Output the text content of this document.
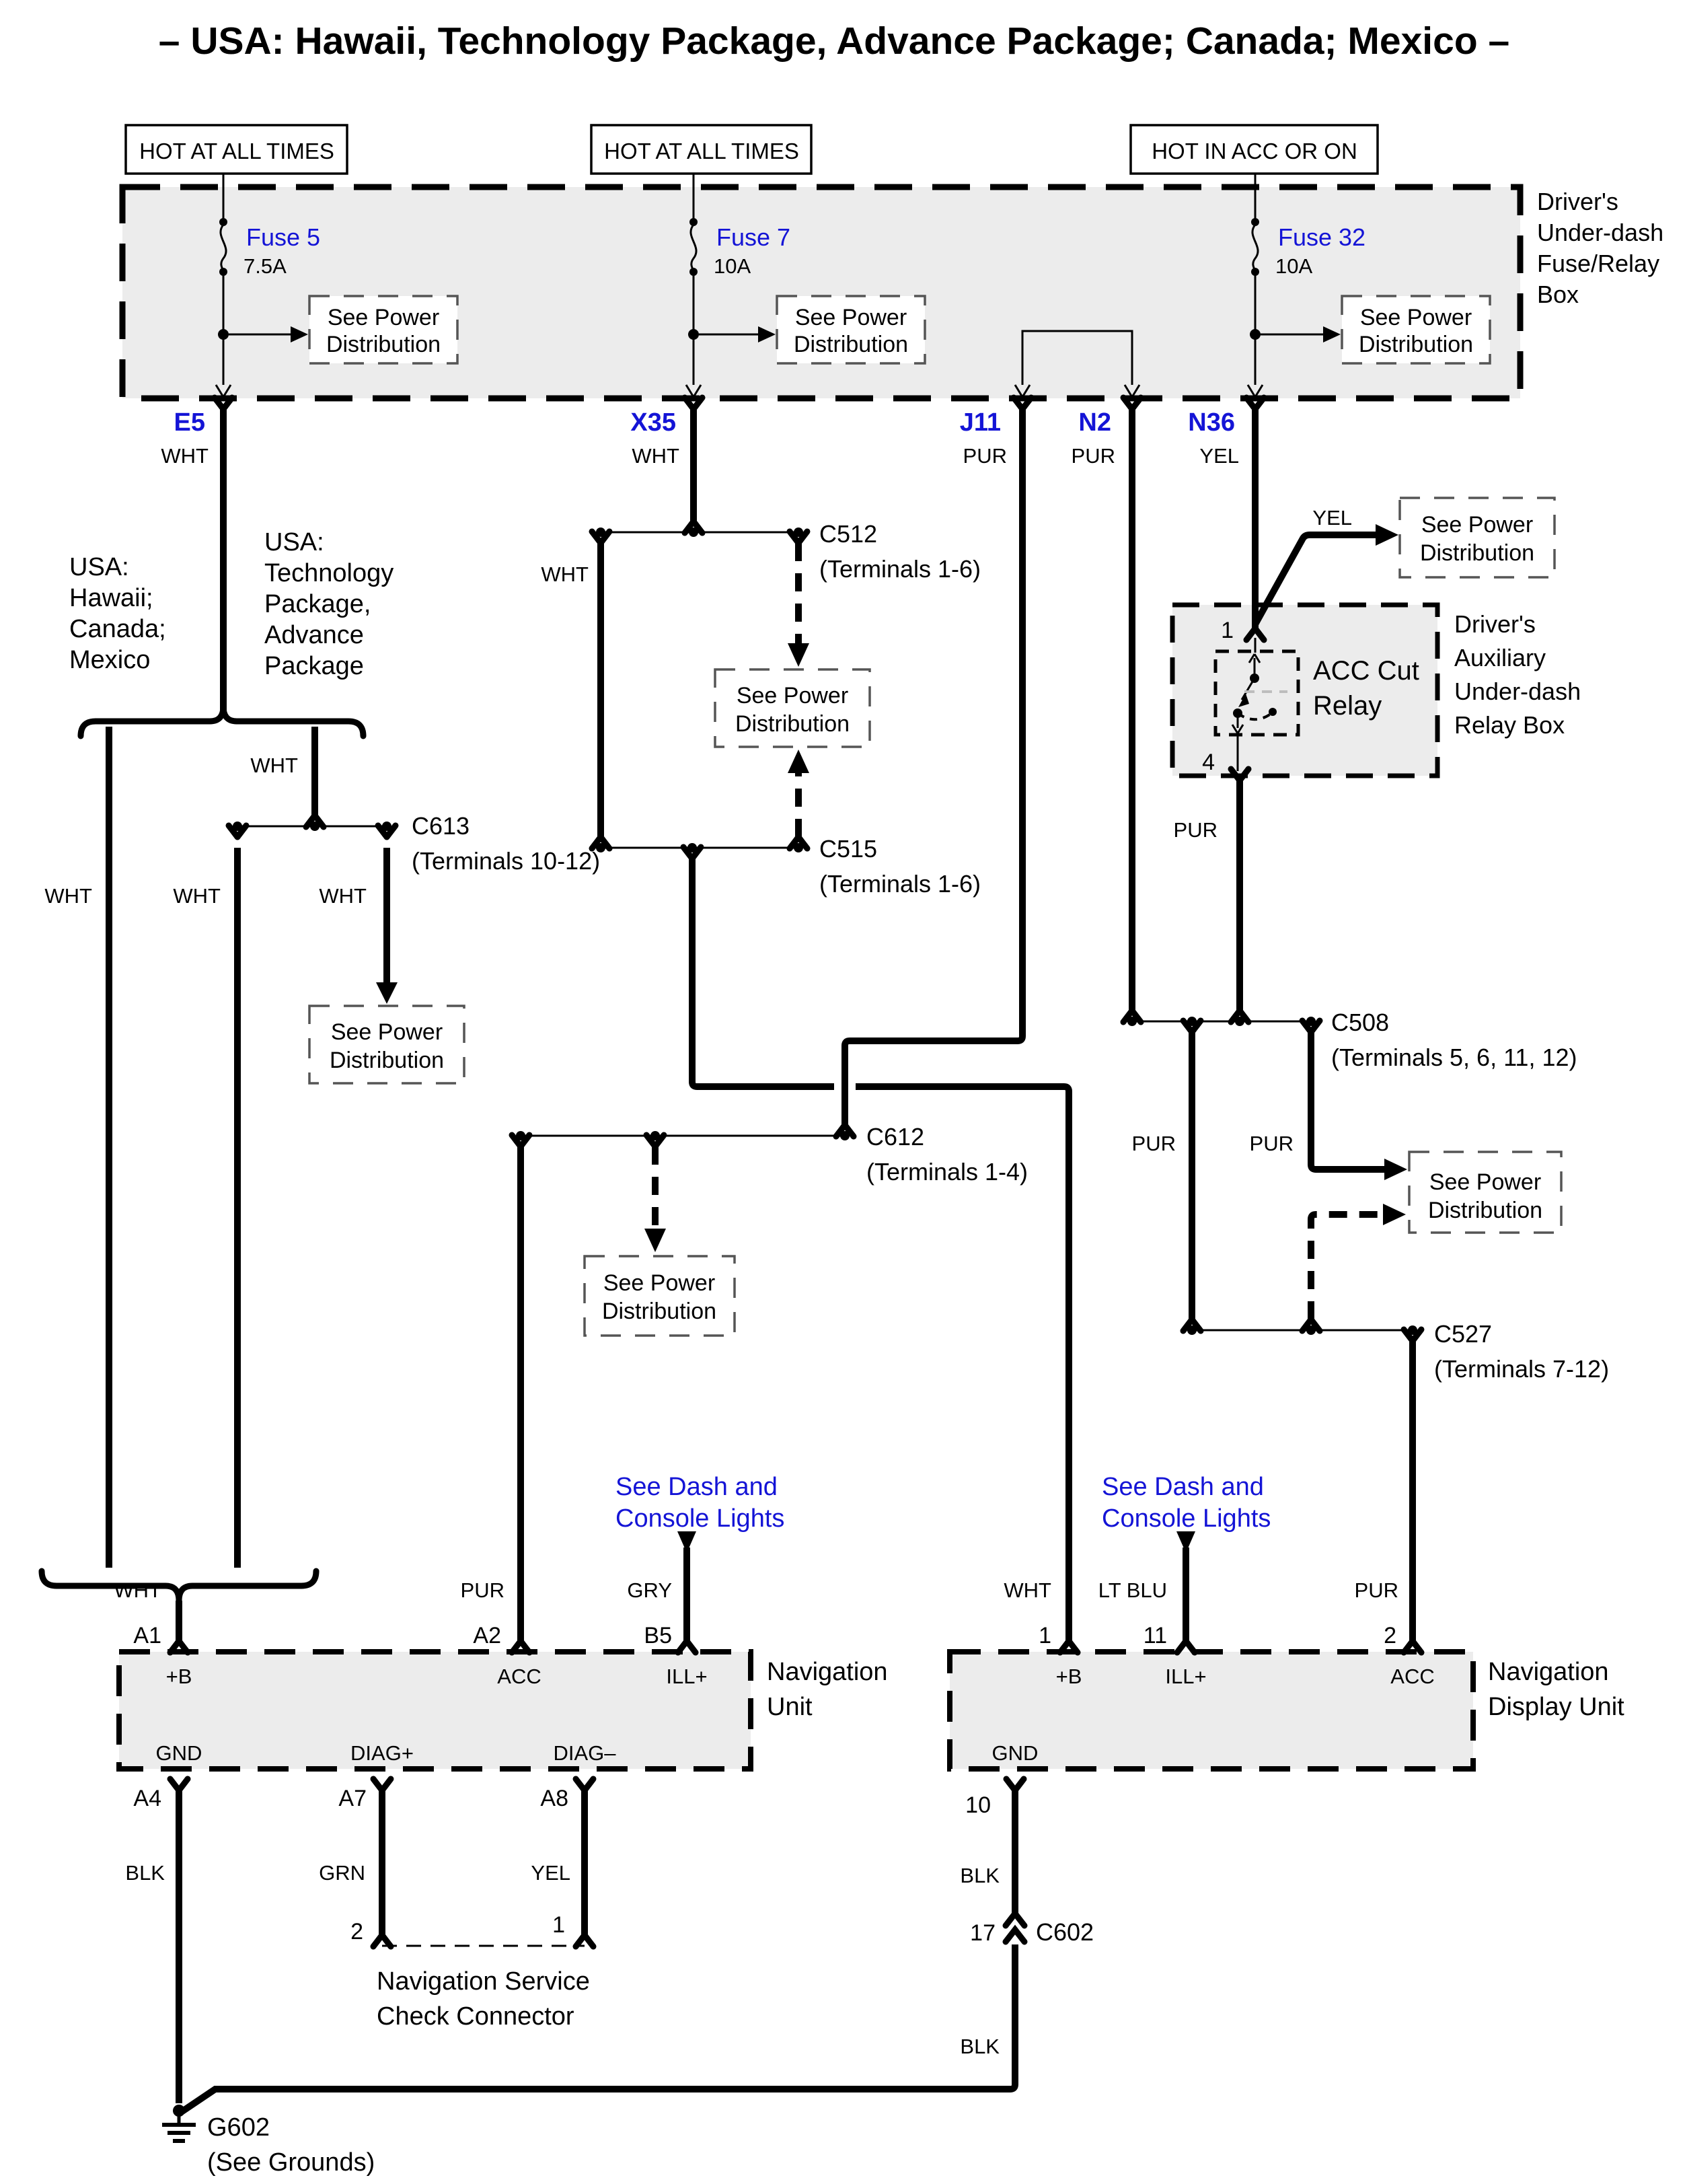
– USA: Hawaii, Technology Package, Advance Package; Canada; Mexico –
HOT AT ALL TIMES	HOT AT ALL TIMES	HOT IN ACC OR ON
Driver's
Under-dash
Fuse/Relay
Box
See Power
Distribution
See Power
Distribution
See Power
Distribution
See Power
Distribution
See Power
Distribution
See Power
Distribution
See Power
Distribution
See Power
Distribution
Fuse 5
7.5A
Fuse 7
10A
Fuse 32
10A
E5	X35	J11	N2	N36
WHT	WHT	PUR	PUR	YEL
USA:
Hawaii;
Canada;
Mexico
USA:
Technology
Package,
Advance
Package
C613
(Terminals 10-12)
C512
(Terminals 1-6)
C515
(Terminals 1-6)
C612
(Terminals 1-4)
C508
(Terminals 5, 6, 11, 12)
C527
(Terminals 7-12)
WHT
WHT	WHT	WHT
WHT
YEL
PUR
PUR	PUR
1
4
ACC Cut
Relay
Driver's
Auxiliary
Under-dash
Relay Box
See Dash and
Console Lights
See Dash and
Console Lights
WHT	PUR	GRY
A1	A2	B5
+B	ACC	ILL+
GND	DIAG+	DIAG–
Navigation
Unit
A4	A7	A8
BLK	GRN	YEL
2	1
Navigation Service
Check Connector
WHT LT BLU	PUR
1	11	2
+B	ILL+	ACC
GND
Navigation
Display Unit
10
BLK
BLK
17 C602
G602
(See Grounds)
